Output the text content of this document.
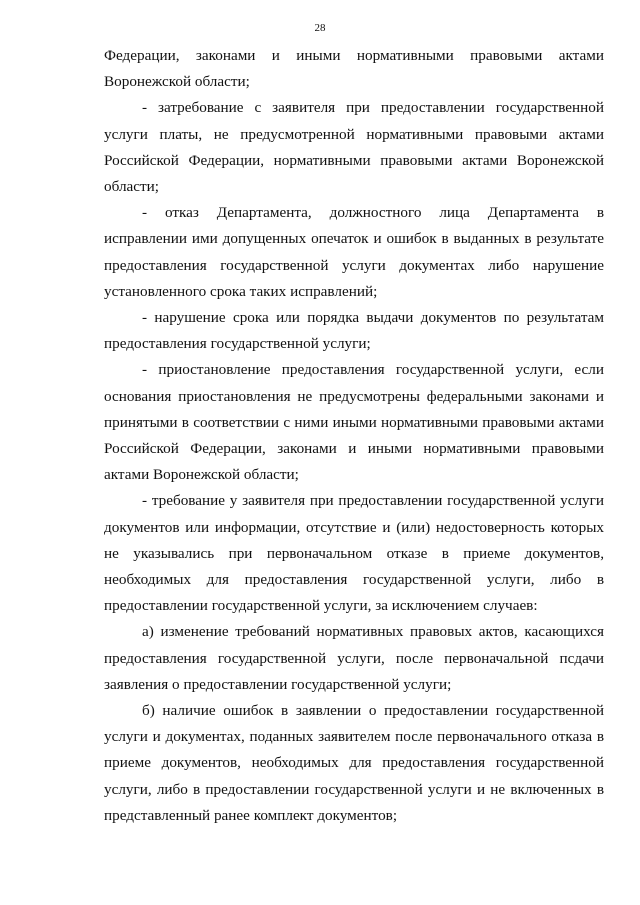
28

Федерации, законами и иными нормативными правовыми актами Воронежской области;

- затребование с заявителя при предоставлении государственной услуги платы, не предусмотренной нормативными правовыми актами Российской Федерации, нормативными правовыми актами Воронежской области;

- отказ Департамента, должностного лица Департамента в исправлении ими допущенных опечаток и ошибок в выданных в результате предоставления государственной услуги документах либо нарушение установленного срока таких исправлений;

- нарушение срока или порядка выдачи документов по результатам предоставления государственной услуги;

- приостановление предоставления государственной услуги, если основания приостановления не предусмотрены федеральными законами и принятыми в соответствии с ними иными нормативными правовыми актами Российской Федерации, законами и иными нормативными правовыми актами Воронежской области;

- требование у заявителя при предоставлении государственной услуги документов или информации, отсутствие и (или) недостоверность которых не указывались при первоначальном отказе в приеме документов, необходимых для предоставления государственной услуги, либо в предоставлении государственной услуги, за исключением случаев:

а) изменение требований нормативных правовых актов, касающихся предоставления государственной услуги, после первоначальной псдачи заявления о предоставлении государственной услуги;

б) наличие ошибок в заявлении о предоставлении государственной услуги и документах, поданных заявителем после первоначального отказа в приеме документов, необходимых для предоставления государственной услуги, либо в предоставлении государственной услуги и не включенных в представленный ранее комплект документов;
